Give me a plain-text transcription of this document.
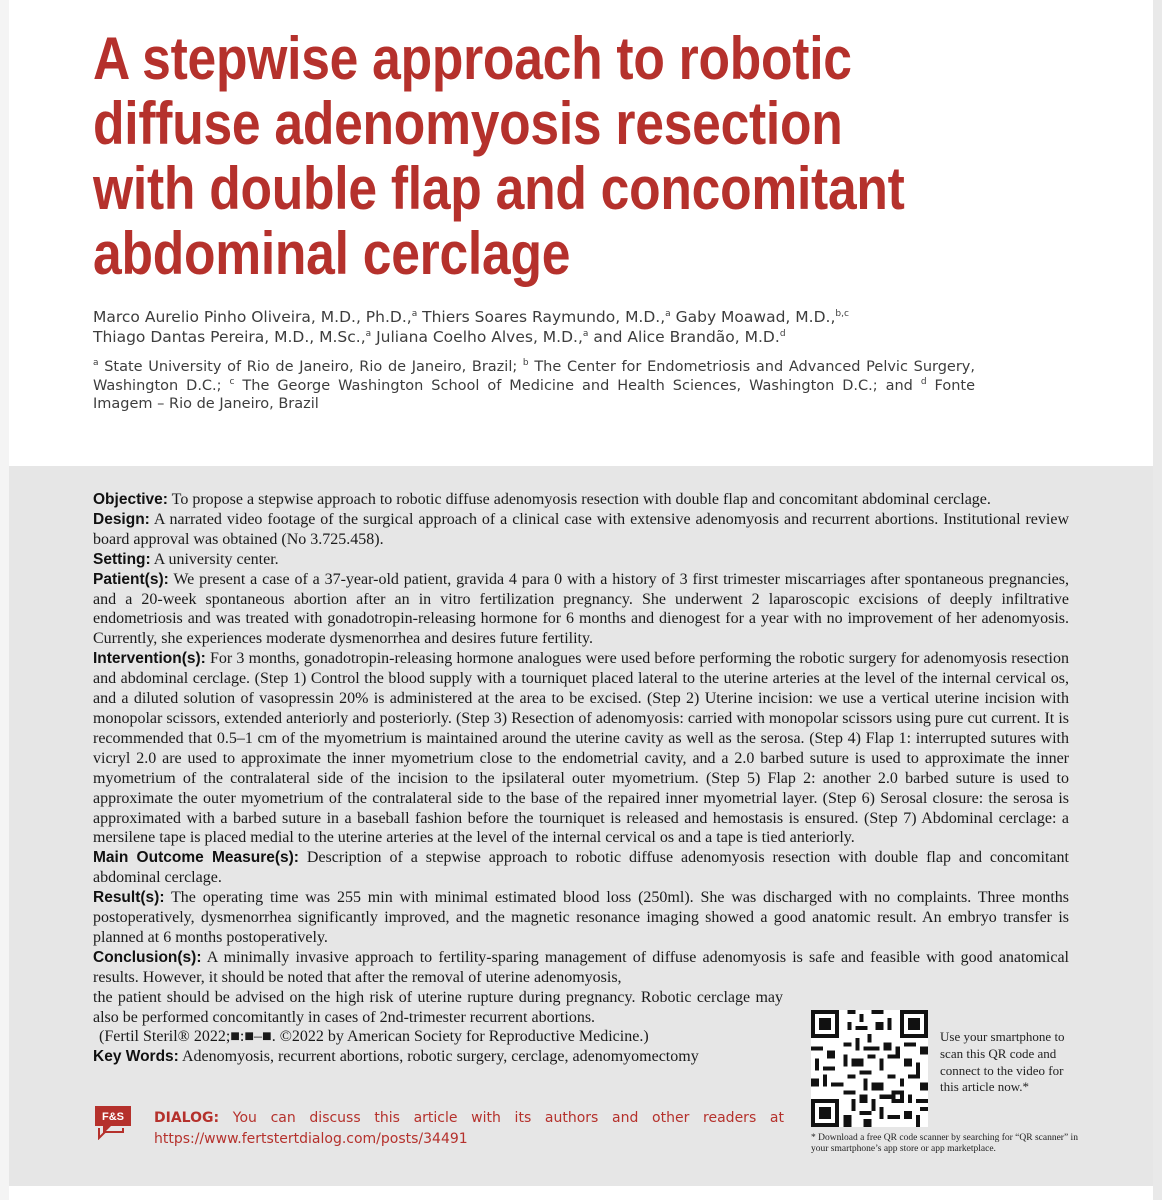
A stepwise approach to robotic diffuse adenomyosis resection with double flap and concomitant abdominal cerclage
Marco Aurelio Pinho Oliveira, M.D., Ph.D.,$^a$ Thiers Soares Raymundo, M.D.,$^a$ Gaby Moawad, M.D.,$^{b,c}$
Thiago Dantas Pereira, M.D., M.Sc.,$^a$ Juliana Coelho Alves, M.D.,$^a$ and Alice Brandão, M.D.$^d$
$^a$ State University of Rio de Janeiro, Rio de Janeiro, Brazil; $^b$ The Center for Endometriosis and Advanced Pelvic Surgery, Washington D.C.; $^c$ The George Washington School of Medicine and Health Sciences, Washington D.C.; and $^d$ Fonte Imagem – Rio de Janeiro, Brazil

Objective: To propose a stepwise approach to robotic diffuse adenomyosis resection with double flap and concomitant abdominal cerclage.

Design: A narrated video footage of the surgical approach of a clinical case with extensive adenomyosis and recurrent abortions. Institutional review board approval was obtained (No 3.725.458).

Setting: A university center.

Patient(s): We present a case of a 37-year-old patient, gravida 4 para 0 with a history of 3 first trimester miscarriages after spontaneous pregnancies, and a 20-week spontaneous abortion after an in vitro fertilization pregnancy. She underwent 2 laparoscopic excisions of deeply infiltrative endometriosis and was treated with gonadotropin-releasing hormone for 6 months and dienogest for a year with no improvement of her adenomyosis. Currently, she experiences moderate dysmenorrhea and desires future fertility.

Intervention(s): For 3 months, gonadotropin-releasing hormone analogues were used before performing the robotic surgery for adenomyosis resection and abdominal cerclage. (Step 1) Control the blood supply with a tourniquet placed lateral to the uterine arteries at the level of the internal cervical os, and a diluted solution of vasopressin 20% is administered at the area to be excised. (Step 2) Uterine incision: we use a vertical uterine incision with monopolar scissors, extended anteriorly and posteriorly. (Step 3) Resection of adenomyosis: carried with monopolar scissors using pure cut current. It is recommended that 0.5–1 cm of the myometrium is maintained around the uterine cavity as well as the serosa. (Step 4) Flap 1: interrupted sutures with vicryl 2.0 are used to approximate the inner myometrium close to the endometrial cavity, and a 2.0 barbed suture is used to approximate the inner myometrium of the contralateral side of the incision to the ipsilateral outer myometrium. (Step 5) Flap 2: another 2.0 barbed suture is used to approximate the outer myometrium of the contralateral side to the base of the repaired inner myometrial layer. (Step 6) Serosal closure: the serosa is approximated with a barbed suture in a baseball fashion before the tourniquet is released and hemostasis is ensured. (Step 7) Abdominal cerclage: a mersilene tape is placed medial to the uterine arteries at the level of the internal cervical os and a tape is tied anteriorly.

Main Outcome Measure(s): Description of a stepwise approach to robotic diffuse adenomyosis resection with double flap and concomitant abdominal cerclage.

Result(s): The operating time was 255 min with minimal estimated blood loss (250ml). She was discharged with no complaints. Three months postoperatively, dysmenorrhea significantly improved, and the magnetic resonance imaging showed a good anatomic result. An embryo transfer is planned at 6 months postoperatively.

Conclusion(s): A minimally invasive approach to fertility-sparing management of diffuse adenomyosis is safe and feasible with good anatomical results. However, it should be noted that after the removal of uterine adenomyosis,

the patient should be advised on the high risk of uterine rupture during pregnancy. Robotic cerclage may also be performed concomitantly in cases of 2nd-trimester recurrent abortions.

(Fertil Steril® 2022;■:■–■. ©2022 by American Society for Reproductive Medicine.)

Key Words: Adenomyosis, recurrent abortions, robotic surgery, cerclage, adenomyomectomy

Use your smartphone to scan this QR code and connect to the video for this article now.*
* Download a free QR code scanner by searching for “QR scanner” in your smartphone’s app store or app marketplace.
F&S DIALOG: You can discuss this article with its authors and other readers at https://www.fertstertdialog.com/posts/34491
